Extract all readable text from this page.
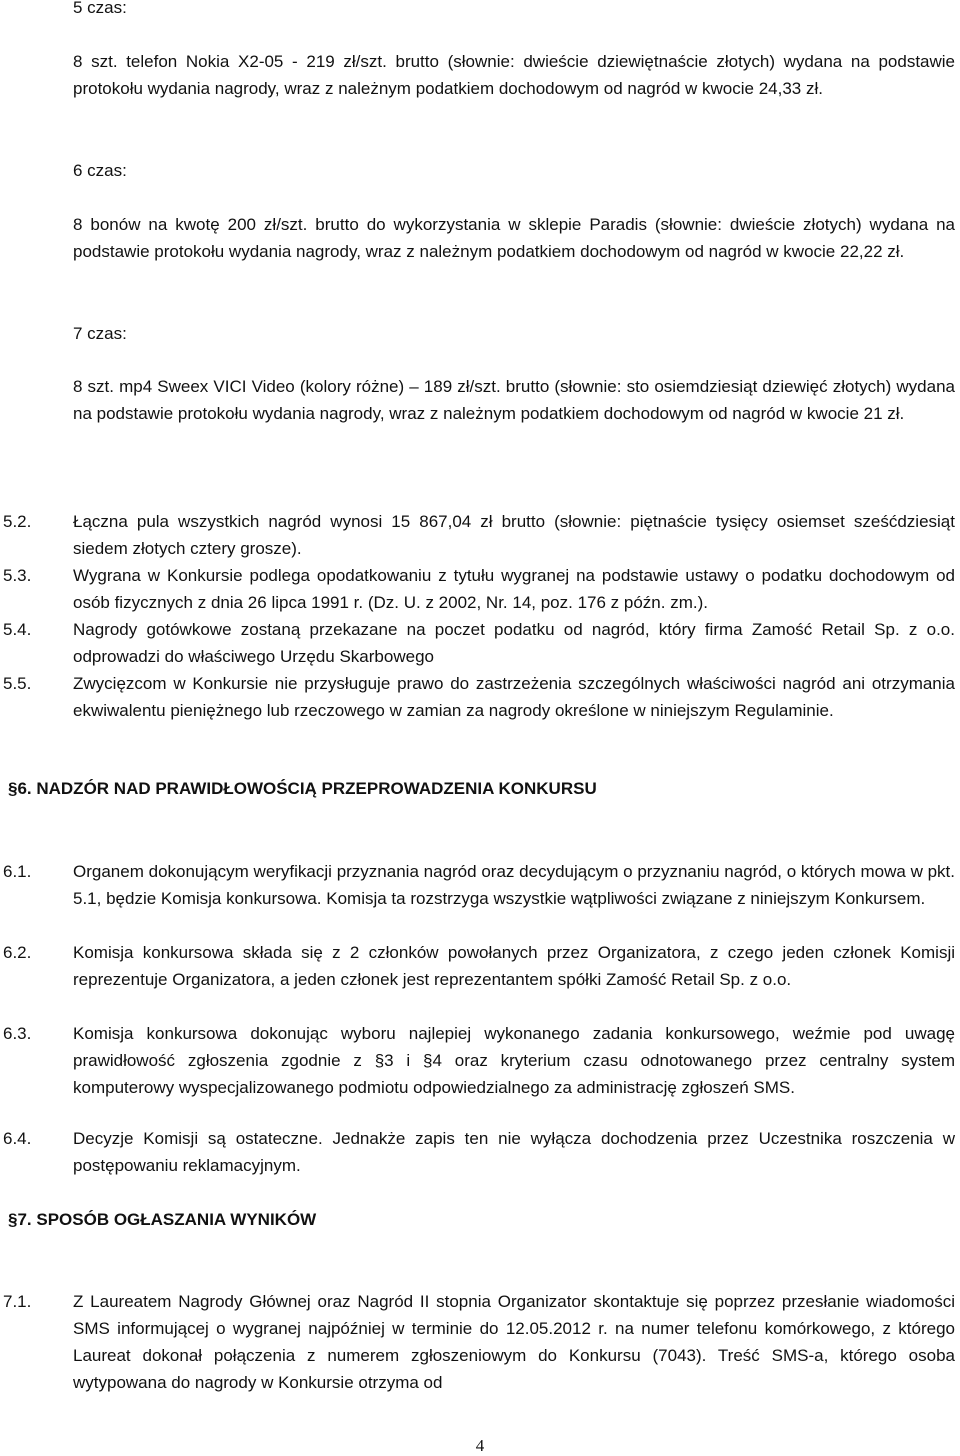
5 czas:

8 szt. telefon Nokia X2-05 - 219 zł/szt. brutto (słownie: dwieście dziewiętnaście złotych) wydana na podstawie protokołu wydania nagrody, wraz z należnym podatkiem dochodowym od nagród w kwocie 24,33 zł.

6 czas:

8 bonów na kwotę 200 zł/szt. brutto do wykorzystania w sklepie Paradis (słownie: dwieście złotych) wydana na podstawie protokołu wydania nagrody, wraz z należnym podatkiem dochodowym od nagród w kwocie 22,22 zł.

7 czas:

8 szt. mp4 Sweex VICI Video (kolory różne) – 189 zł/szt. brutto (słownie: sto osiemdziesiąt dziewięć złotych) wydana na podstawie protokołu wydania nagrody, wraz z należnym podatkiem dochodowym od nagród w kwocie 21 zł.

5.2. Łączna pula wszystkich nagród wynosi 15 867,04 zł brutto (słownie: piętnaście tysięcy osiemset sześćdziesiąt siedem złotych cztery grosze).

5.3. Wygrana w Konkursie podlega opodatkowaniu z tytułu wygranej na podstawie ustawy o podatku dochodowym od osób fizycznych z dnia 26 lipca 1991 r. (Dz. U. z 2002, Nr. 14, poz. 176 z późn. zm.).

5.4. Nagrody gotówkowe zostaną przekazane na poczet podatku od nagród, który firma Zamość Retail Sp. z o.o. odprowadzi do właściwego Urzędu Skarbowego

5.5. Zwycięzcom w Konkursie nie przysługuje prawo do zastrzeżenia szczególnych właściwości nagród ani otrzymania ekwiwalentu pieniężnego lub rzeczowego w zamian za nagrody określone w niniejszym Regulaminie.

§6. NADZÓR NAD PRAWIDŁOWOŚCIĄ PRZEPROWADZENIA KONKURSU

6.1. Organem dokonującym weryfikacji przyznania nagród oraz decydującym o przyznaniu nagród, o których mowa w pkt. 5.1, będzie Komisja konkursowa. Komisja ta rozstrzyga wszystkie wątpliwości związane z niniejszym Konkursem.

6.2. Komisja konkursowa składa się z 2 członków powołanych przez Organizatora, z czego jeden członek Komisji reprezentuje Organizatora, a jeden członek jest reprezentantem spółki Zamość Retail Sp. z o.o.

6.3. Komisja konkursowa dokonując wyboru najlepiej wykonanego zadania konkursowego, weźmie pod uwagę prawidłowość zgłoszenia zgodnie z §3 i §4 oraz kryterium czasu odnotowanego przez centralny system komputerowy wyspecjalizowanego podmiotu odpowiedzialnego za administrację zgłoszeń SMS.

6.4. Decyzje Komisji są ostateczne. Jednakże zapis ten nie wyłącza dochodzenia przez Uczestnika roszczenia w postępowaniu reklamacyjnym.

§7. SPOSÓB OGŁASZANIA WYNIKÓW

7.1. Z Laureatem Nagrody Głównej oraz Nagród II stopnia Organizator skontaktuje się poprzez przesłanie wiadomości SMS informującej o wygranej najpóźniej w terminie do 12.05.2012 r. na numer telefonu komórkowego, z którego Laureat dokonał połączenia z numerem zgłoszeniowym do Konkursu (7043). Treść SMS-a, którego osoba wytypowana do nagrody w Konkursie otrzyma od

4
